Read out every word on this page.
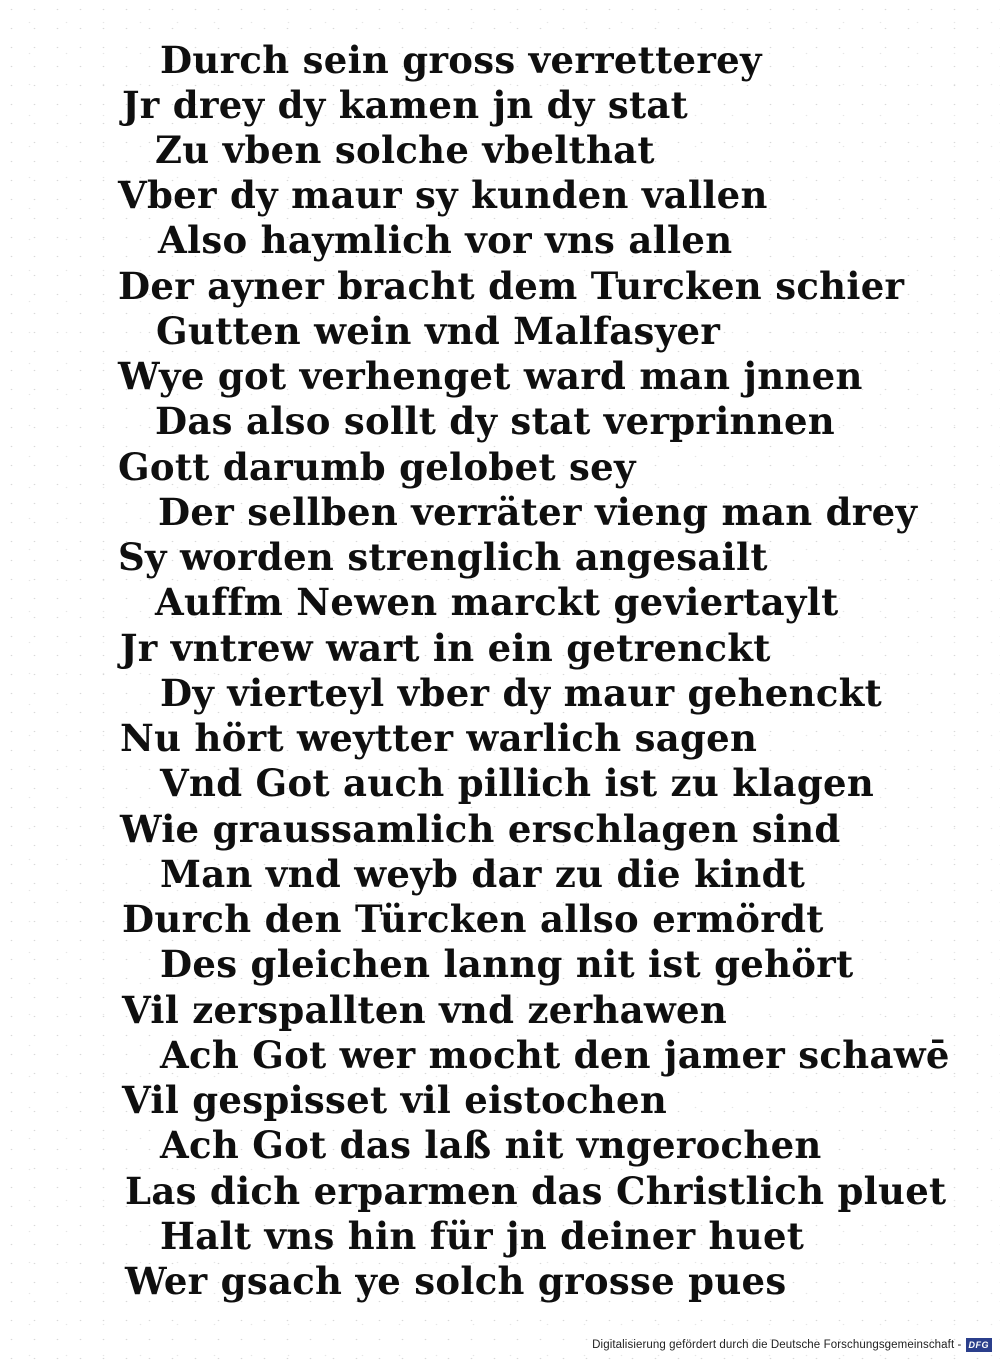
Durch sein gross verretterey
Jr drey dy kamen jn dy stat
Zu vben solche vbelthat
Vber dy maur sy kunden vallen
Also haymlich vor vns allen
Der ayner bracht dem Turcken schier
Gutten wein vnd Malfasyer
Wye got verhenget ward man jnnen
Das also sollt dy stat verprinnen
Gott darumb gelobet sey
Der sellben verräter vieng man drey
Sy worden strenglich angesailt
Auffm Newen marckt geviertaylt
Jr vntrew wart in ein getrenckt
Dy vierteyl vber dy maur gehenckt
Nu hört weytter warlich sagen
Vnd Got auch pillich ist zu klagen
Wie graussamlich erschlagen sind
Man vnd weyb dar zu die kindt
Durch den Türcken allso ermördt
Des gleichen lanng nit ist gehört
Vil zerspallten vnd zerhawen
Ach Got wer mocht den jamer schawē
Vil gespisset vil eistochen
Ach Got das laß nit vngerochen
Las dich erparmen das Christlich pluet
Halt vns hin für jn deiner huet
Wer gsach ye solch grosse pues
Digitalisierung gefördert durch die Deutsche Forschungsgemeinschaft - DFG
